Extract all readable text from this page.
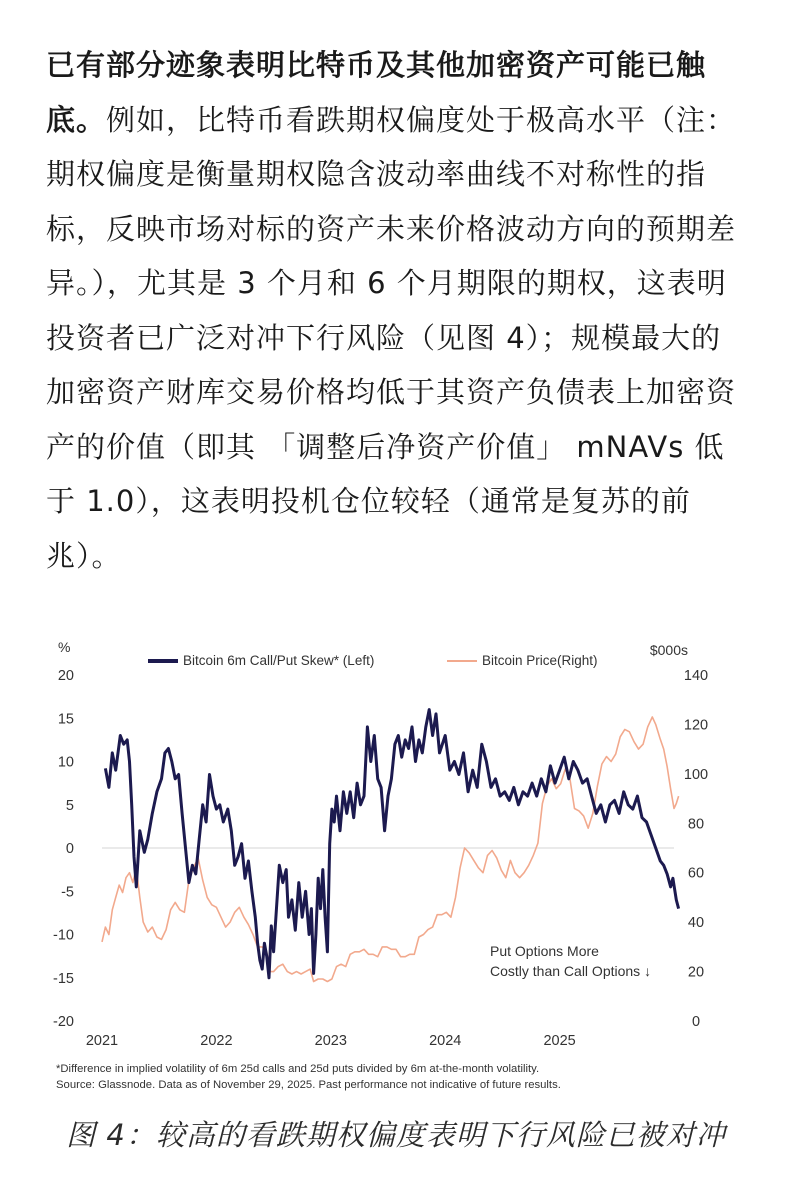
已有部分迹象表明比特币及其他加密资产可能已触底。例如，比特币看跌期权偏度处于极高水平（注：期权偏度是衡量期权隐含波动率曲线不对称性的指标，反映市场对标的资产未来价格波动方向的预期差异。），尤其是 3 个月和 6 个月期限的期权，这表明投资者已广泛对冲下行风险（见图 4）；规模最大的加密资产财库交易价格均低于其资产负债表上加密资产的价值（即其 「调整后净资产价值」 mNAVs 低于 1.0），这表明投机仓位较轻（通常是复苏的前兆）。

%	$000s
Bitcoin 6m Call/Put Skew* (Left)	Bitcoin Price(Right)
20
15
10
5
0
-5
-10
-15
-20
140
120
100
80
60
40
20
0
2021	2022	2023	2024	2025
Put Options More Costly than Call Options ↓
*Difference in implied volatility of 6m 25d calls and 25d puts divided by 6m at-the-month volatility.
Source: Glassnode. Data as of November 29, 2025. Past performance not indicative of future results.
图 4：较高的看跌期权偏度表明下行风险已被对冲
